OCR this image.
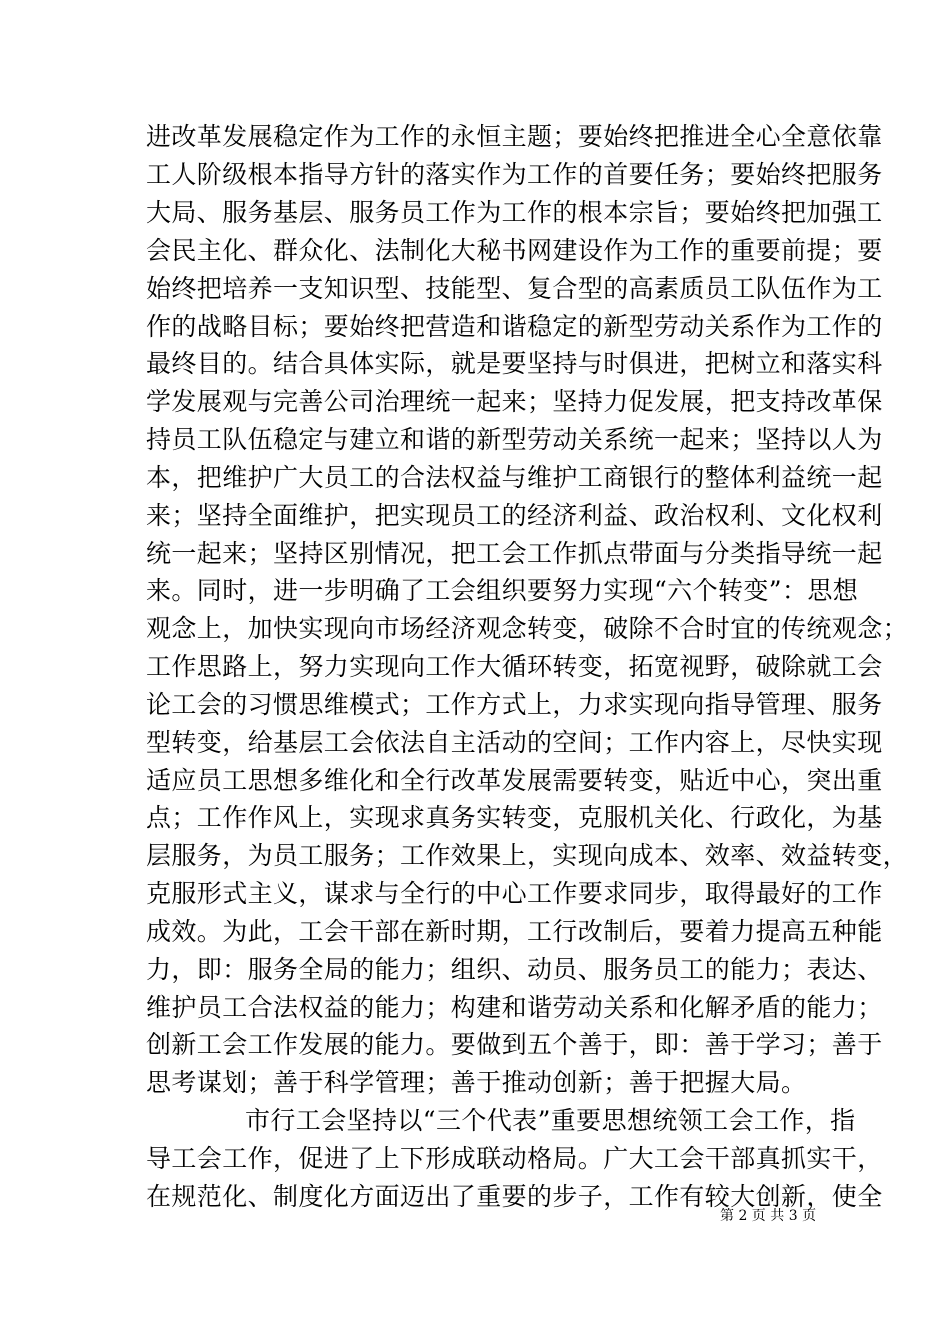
进改革发展稳定作为工作的永恒主题；要始终把推进全心全意依靠
工人阶级根本指导方针的落实作为工作的首要任务；要始终把服务
大局、服务基层、服务员工作为工作的根本宗旨；要始终把加强工
会民主化、群众化、法制化大秘书网建设作为工作的重要前提；要
始终把培养一支知识型、技能型、复合型的高素质员工队伍作为工
作的战略目标；要始终把营造和谐稳定的新型劳动关系作为工作的
最终目的。结合具体实际，就是要坚持与时俱进，把树立和落实科
学发展观与完善公司治理统一起来；坚持力促发展，把支持改革保
持员工队伍稳定与建立和谐的新型劳动关系统一起来；坚持以人为
本，把维护广大员工的合法权益与维护工商银行的整体利益统一起
来；坚持全面维护，把实现员工的经济利益、政治权利、文化权利
统一起来；坚持区别情况，把工会工作抓点带面与分类指导统一起
来。同时，进一步明确了工会组织要努力实现“六个转变”：思想
观念上，加快实现向市场经济观念转变，破除不合时宜的传统观念；
工作思路上，努力实现向工作大循环转变，拓宽视野，破除就工会
论工会的习惯思维模式；工作方式上，力求实现向指导管理、服务
型转变，给基层工会依法自主活动的空间；工作内容上，尽快实现
适应员工思想多维化和全行改革发展需要转变，贴近中心，突出重
点；工作作风上，实现求真务实转变，克服机关化、行政化，为基
层服务，为员工服务；工作效果上，实现向成本、效率、效益转变，
克服形式主义，谋求与全行的中心工作要求同步，取得最好的工作
成效。为此，工会干部在新时期，工行改制后，要着力提高五种能
力，即：服务全局的能力；组织、动员、服务员工的能力；表达、
维护员工合法权益的能力；构建和谐劳动关系和化解矛盾的能力；
创新工会工作发展的能力。要做到五个善于，即：善于学习；善于
思考谋划；善于科学管理；善于推动创新；善于把握大局。
市行工会坚持以“三个代表”重要思想统领工会工作，指
导工会工作，促进了上下形成联动格局。广大工会干部真抓实干，
在规范化、制度化方面迈出了重要的步子，工作有较大创新，使全
第 2 页 共 3 页
